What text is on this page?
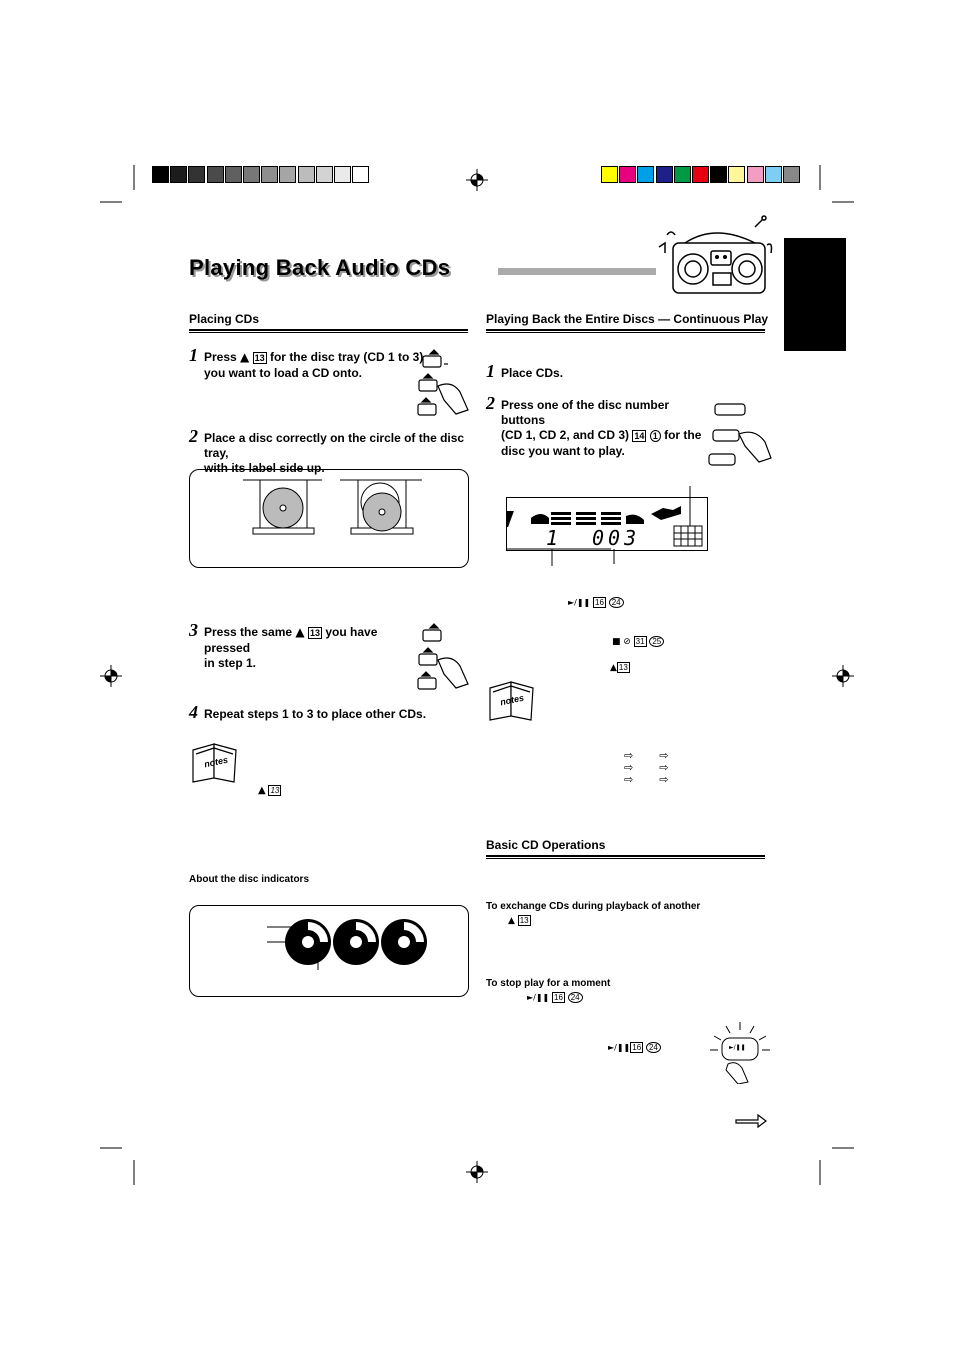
Playing Back Audio CDs
Placing CDs
1 Press ▲ 13 for the disc tray (CD 1 to 3)
you want to load a CD onto.
2 Place a disc correctly on the circle of the disc tray,
with its label side up.
3 Press the same ▲ 13 you have pressed
in step 1.
4 Repeat steps 1 to 3 to place other CDs.
notes
▲ 13
About the disc indicators
Playing Back the Entire Discs — Continuous Play
1 Place CDs.
2 Press one of the disc number buttons
(CD 1, CD 2, and CD 3) 14 1 for the
disc you want to play.
1 003
►/❚❚ 16 24
■ ⊘ 31 25
▲ 13
notes
⇨ ⇨
⇨ ⇨
⇨ ⇨
Basic CD Operations
To exchange CDs during playback of another
▲ 13
To stop play for a moment
►/❚❚ 16 24
►/❚❚ 16 24	►/❚❚
